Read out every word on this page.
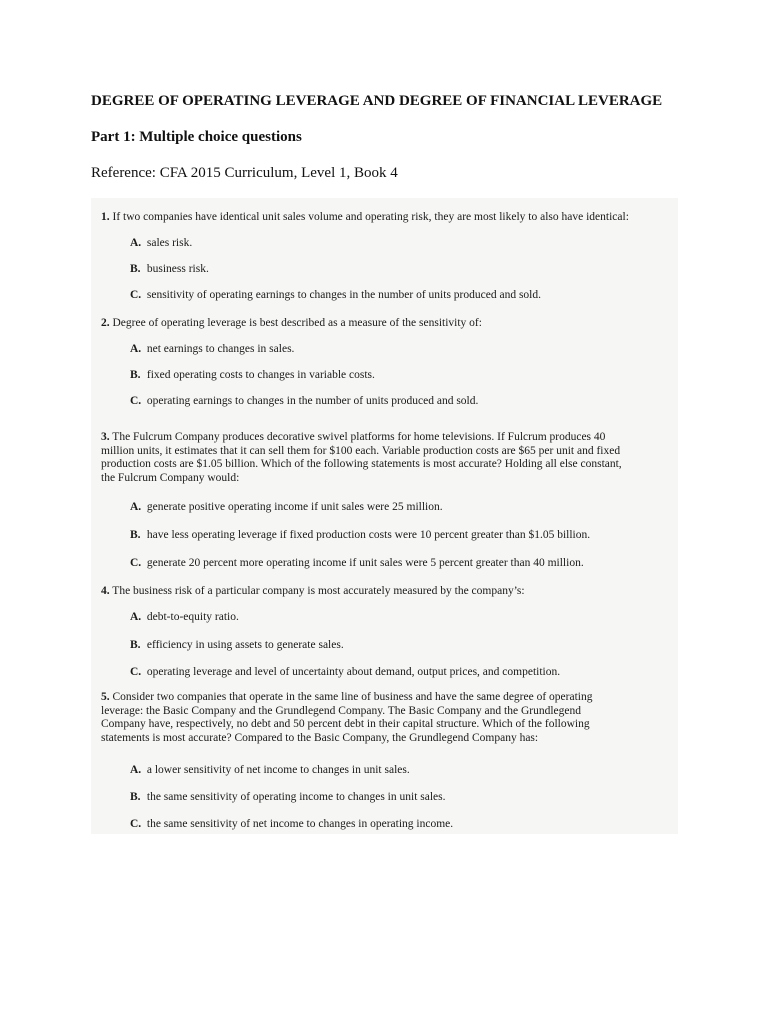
DEGREE OF OPERATING LEVERAGE AND DEGREE OF FINANCIAL LEVERAGE
Part 1: Multiple choice questions
Reference: CFA 2015 Curriculum, Level 1, Book 4
1. If two companies have identical unit sales volume and operating risk, they are most likely to also have identical:
A. sales risk.
B. business risk.
C. sensitivity of operating earnings to changes in the number of units produced and sold.
2. Degree of operating leverage is best described as a measure of the sensitivity of:
A. net earnings to changes in sales.
B. fixed operating costs to changes in variable costs.
C. operating earnings to changes in the number of units produced and sold.
3. The Fulcrum Company produces decorative swivel platforms for home televisions. If Fulcrum produces 40
million units, it estimates that it can sell them for $100 each. Variable production costs are $65 per unit and fixed
production costs are $1.05 billion. Which of the following statements is most accurate? Holding all else constant,
the Fulcrum Company would:
A. generate positive operating income if unit sales were 25 million.
B. have less operating leverage if fixed production costs were 10 percent greater than $1.05 billion.
C. generate 20 percent more operating income if unit sales were 5 percent greater than 40 million.
4. The business risk of a particular company is most accurately measured by the company’s:
A. debt-to-equity ratio.
B. efficiency in using assets to generate sales.
C. operating leverage and level of uncertainty about demand, output prices, and competition.
5. Consider two companies that operate in the same line of business and have the same degree of operating
leverage: the Basic Company and the Grundlegend Company. The Basic Company and the Grundlegend
Company have, respectively, no debt and 50 percent debt in their capital structure. Which of the following
statements is most accurate? Compared to the Basic Company, the Grundlegend Company has:
A. a lower sensitivity of net income to changes in unit sales.
B. the same sensitivity of operating income to changes in unit sales.
C. the same sensitivity of net income to changes in operating income.
